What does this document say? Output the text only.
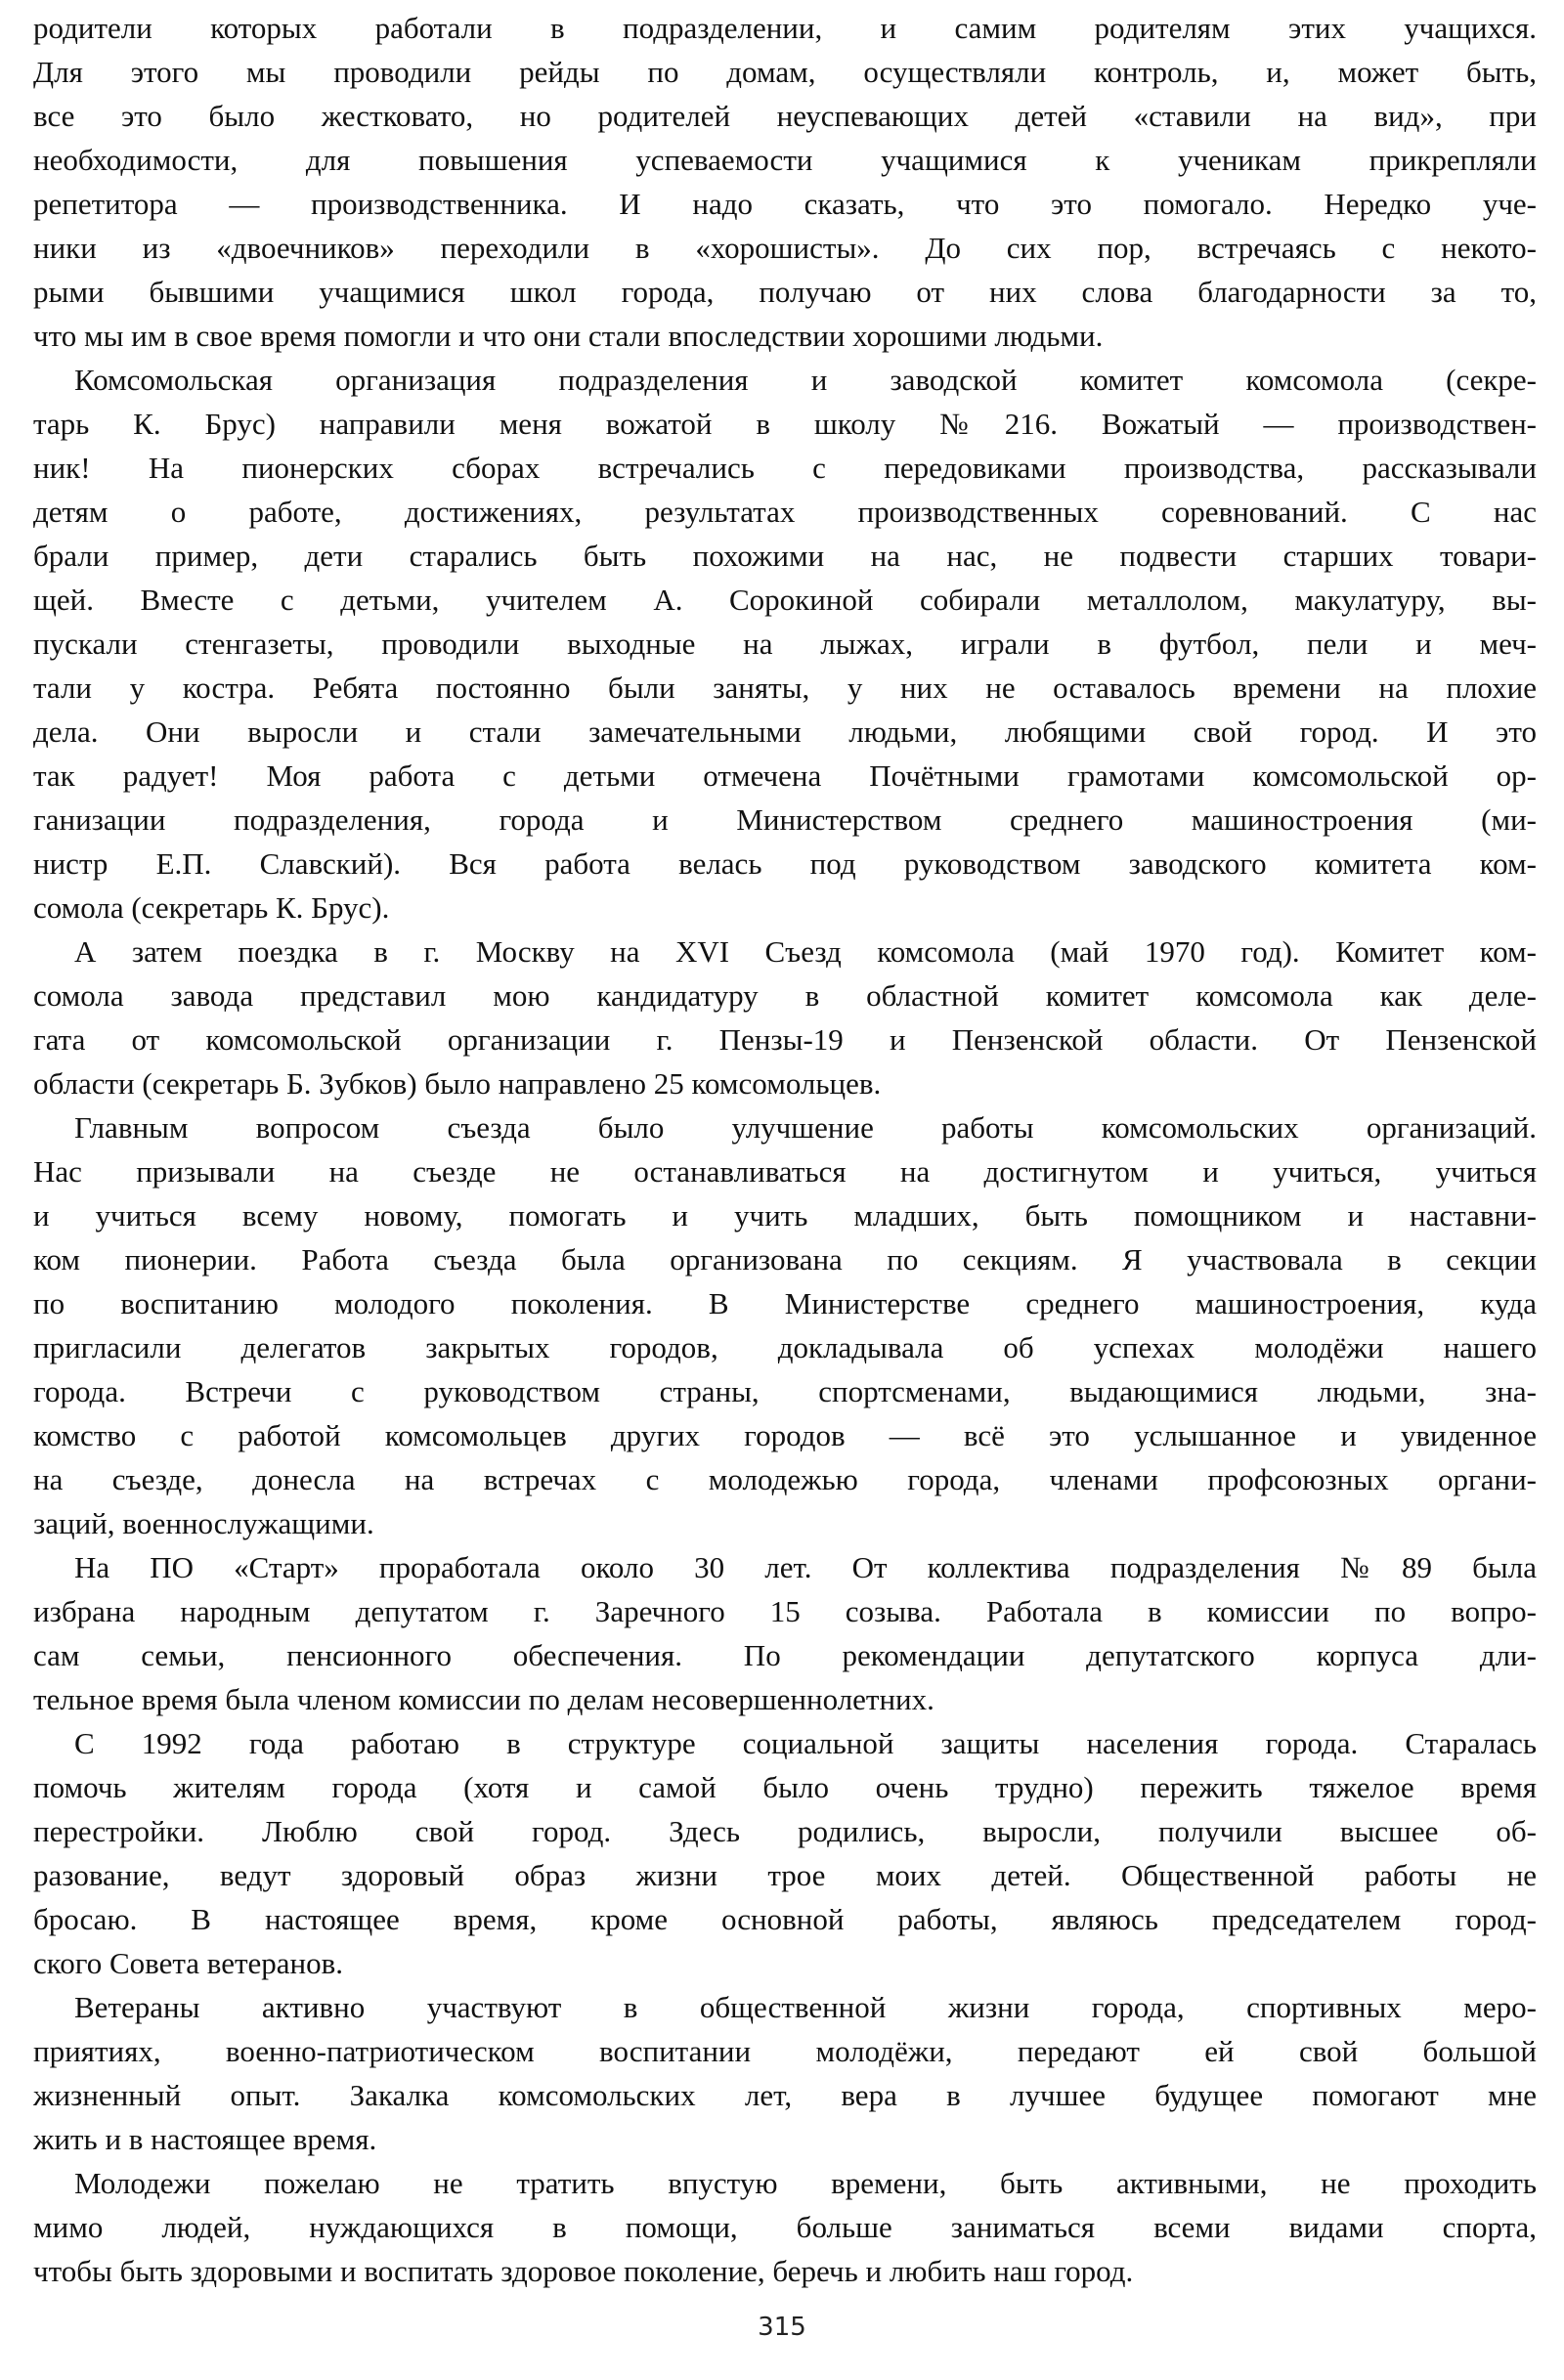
родители которых работали в подразделении, и самим родителям этих учащихся.
Для этого мы проводили рейды по домам, осуществляли контроль, и, может быть,
все это было жестковато, но родителей неуспевающих детей «ставили на вид», при
необходимости, для повышения успеваемости учащимися к ученикам прикрепляли
репетитора — производственника. И надо сказать, что это помогало. Нередко уче-
ники из «двоечников» переходили в «хорошисты». До сих пор, встречаясь с некото-
рыми бывшими учащимися школ города, получаю от них слова благодарности за то,
что мы им в свое время помогли и что они стали впоследствии хорошими людьми.
Комсомольская организация подразделения и заводской комитет комсомола (секре-
тарь К. Брус) направили меня вожатой в школу №216. Вожатый — производствен-
ник! На пионерских сборах встречались с передовиками производства, рассказывали
детям о работе, достижениях, результатах производственных соревнований. С нас
брали пример, дети старались быть похожими на нас, не подвести старших товари-
щей. Вместе с детьми, учителем А. Сорокиной собирали металлолом, макулатуру, вы-
пускали стенгазеты, проводили выходные на лыжах, играли в футбол, пели и меч-
тали у костра. Ребята постоянно были заняты, у них не оставалось времени на плохие
дела. Они выросли и стали замечательными людьми, любящими свой город. И это
так радует! Моя работа с детьми отмечена Почётными грамотами комсомольской ор-
ганизации подразделения, города и Министерством среднего машиностроения (ми-
нистр Е.П. Славский). Вся работа велась под руководством заводского комитета ком-
сомола (секретарь К. Брус).
А затем поездка в г. Москву на XVI Съезд комсомола (май 1970 год). Комитет ком-
сомола завода представил мою кандидатуру в областной комитет комсомола как деле-
гата от комсомольской организации г. Пензы-19 и Пензенской области. От Пензенской
области (секретарь Б. Зубков) было направлено 25 комсомольцев.
Главным вопросом съезда было улучшение работы комсомольских организаций.
Нас призывали на съезде не останавливаться на достигнутом и учиться, учиться
и учиться всему новому, помогать и учить младших, быть помощником и наставни-
ком пионерии. Работа съезда была организована по секциям. Я участвовала в секции
по воспитанию молодого поколения. В Министерстве среднего машиностроения, куда
пригласили делегатов закрытых городов, докладывала об успехах молодёжи нашего
города. Встречи с руководством страны, спортсменами, выдающимися людьми, зна-
комство с работой комсомольцев других городов — всё это услышанное и увиденное
на съезде, донесла на встречах с молодежью города, членами профсоюзных органи-
заций, военнослужащими.
На ПО «Старт» проработала около 30 лет. От коллектива подразделения №89 была
избрана народным депутатом г. Заречного 15 созыва. Работала в комиссии по вопро-
сам семьи, пенсионного обеспечения. По рекомендации депутатского корпуса дли-
тельное время была членом комиссии по делам несовершеннолетних.
С 1992 года работаю в структуре социальной защиты населения города. Старалась
помочь жителям города (хотя и самой было очень трудно) пережить тяжелое время
перестройки. Люблю свой город. Здесь родились, выросли, получили высшее об-
разование, ведут здоровый образ жизни трое моих детей. Общественной работы не
бросаю. В настоящее время, кроме основной работы, являюсь председателем город-
ского Совета ветеранов.
Ветераны активно участвуют в общественной жизни города, спортивных меро-
приятиях, военно-патриотическом воспитании молодёжи, передают ей свой большой
жизненный опыт. Закалка комсомольских лет, вера в лучшее будущее помогают мне
жить и в настоящее время.
Молодежи пожелаю не тратить впустую времени, быть активными, не проходить
мимо людей, нуждающихся в помощи, больше заниматься всеми видами спорта,
чтобы быть здоровыми и воспитать здоровое поколение, беречь и любить наш город.
315
